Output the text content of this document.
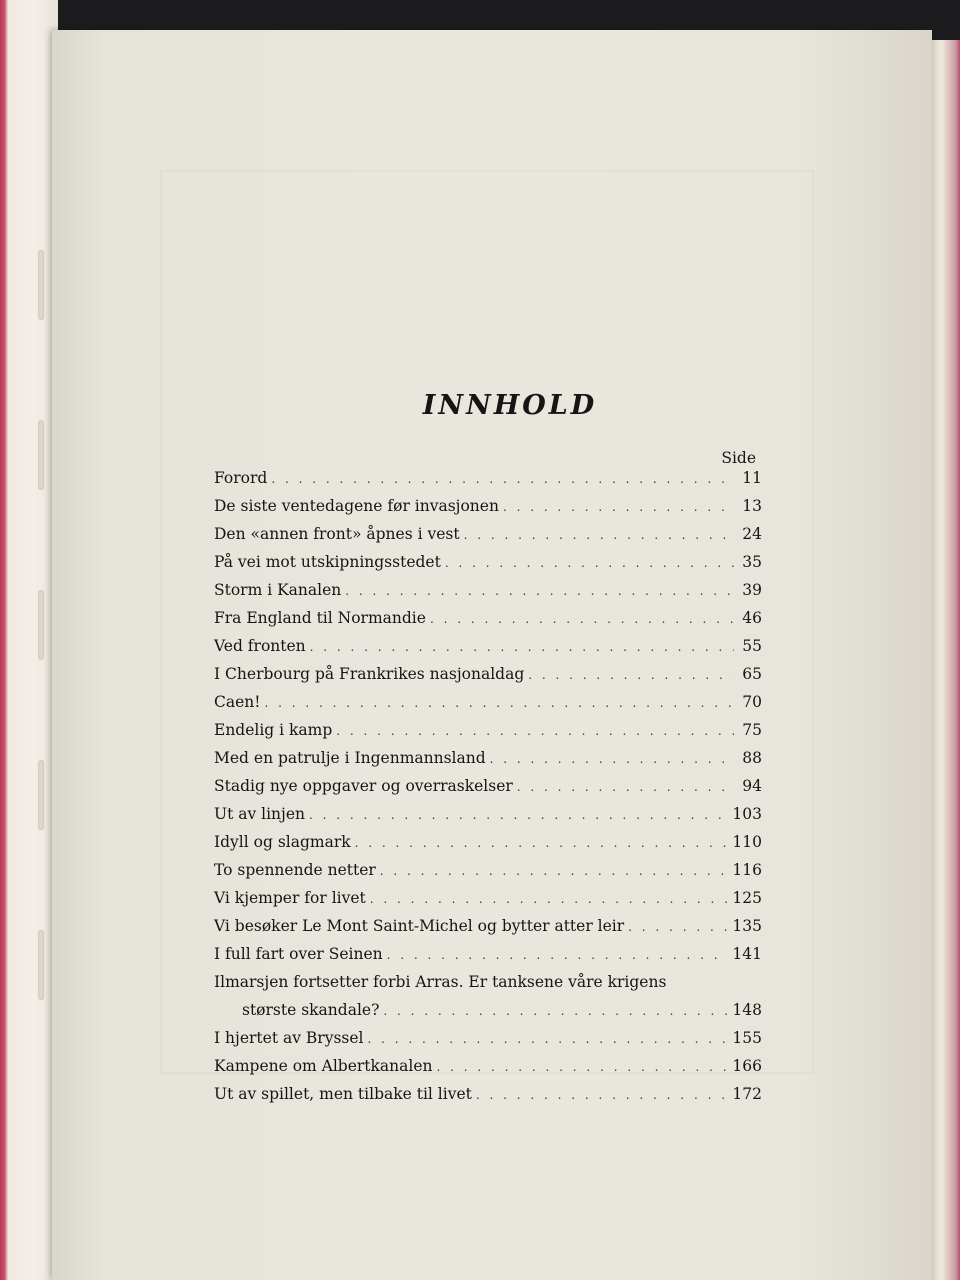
INNHOLD
Side
Forord . . .	11
De siste ventedagene før invasjonen . . .	13
Den «annen front» åpnes i vest . . .	24
På vei mot utskipningsstedet . . .	35
Storm i Kanalen . . .	39
Fra England til Normandie . . .	46
Ved fronten . . .	55
I Cherbourg på Frankrikes nasjonaldag . . .	65
Caen! . . .	70
Endelig i kamp . . .	75
Med en patrulje i Ingenmannsland . . .	88
Stadig nye oppgaver og overraskelser . . .	94
Ut av linjen . . .	103
Idyll og slagmark . . .	110
To spennende netter . . .	116
Vi kjemper for livet . . .	125
Vi besøker Le Mont Saint-Michel og bytter atter leir . . .	135
I full fart over Seinen . . .	141
Ilmarsjen fortsetter forbi Arras. Er tanksene våre krigens
største skandale? . . .	148
I hjertet av Bryssel . . .	155
Kampene om Albertkanalen . . .	166
Ut av spillet, men tilbake til livet . . .	172
